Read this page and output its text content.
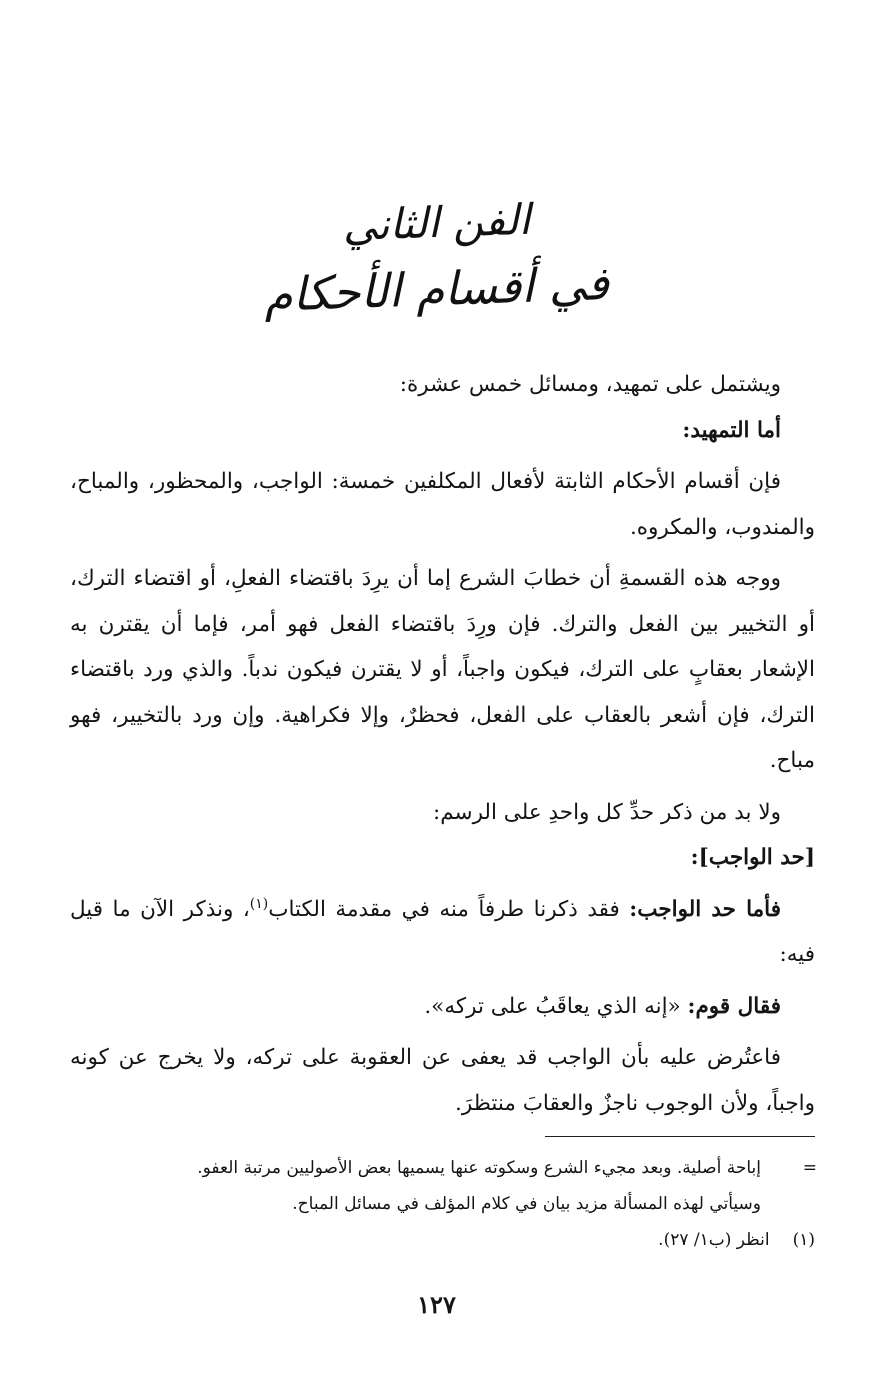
الفن الثاني
في أقسام الأحكام

ويشتمل على تمهيد، ومسائل خمس عشرة:

أما التمهيد:

فإن أقسام الأحكام الثابتة لأفعال المكلفين خمسة: الواجب، والمحظور، والمباح، والمندوب، والمكروه.

ووجه هذه القسمةِ أن خطابَ الشرع إما أن يرِدَ باقتضاء الفعلِ، أو اقتضاء الترك، أو التخيير بين الفعل والترك. فإن ورِدَ باقتضاء الفعل فهو أمر، فإما أن يقترن به الإشعار بعقابٍ على الترك، فيكون واجباً، أو لا يقترن فيكون ندباً. والذي ورد باقتضاء الترك، فإن أشعر بالعقاب على الفعل، فحظرٌ، وإلا فكراهية. وإن ورد بالتخيير، فهو مباح.

ولا بد من ذكر حدِّ كل واحدِ على الرسم:

[حد الواجب]:

فأما حد الواجب: فقد ذكرنا طرفاً منه في مقدمة الكتاب$^{(١)}$، ونذكر الآن ما قيل فيه:

فقال قوم: «إنه الذي يعاقَبُ على تركه».

فاعتُرض عليه بأن الواجب قد يعفى عن العقوبة على تركه، ولا يخرج عن كونه واجباً، ولأن الوجوب ناجزٌ والعقابَ منتظرَ.

=
إباحة أصلية. وبعد مجيء الشرع وسكوته عنها يسميها بعض الأصوليين مرتبة العفو.
وسيأتي لهذه المسألة مزيد بيان في كلام المؤلف في مسائل المباح.
(١) انظر (ب١/ ٢٧).
١٢٧
